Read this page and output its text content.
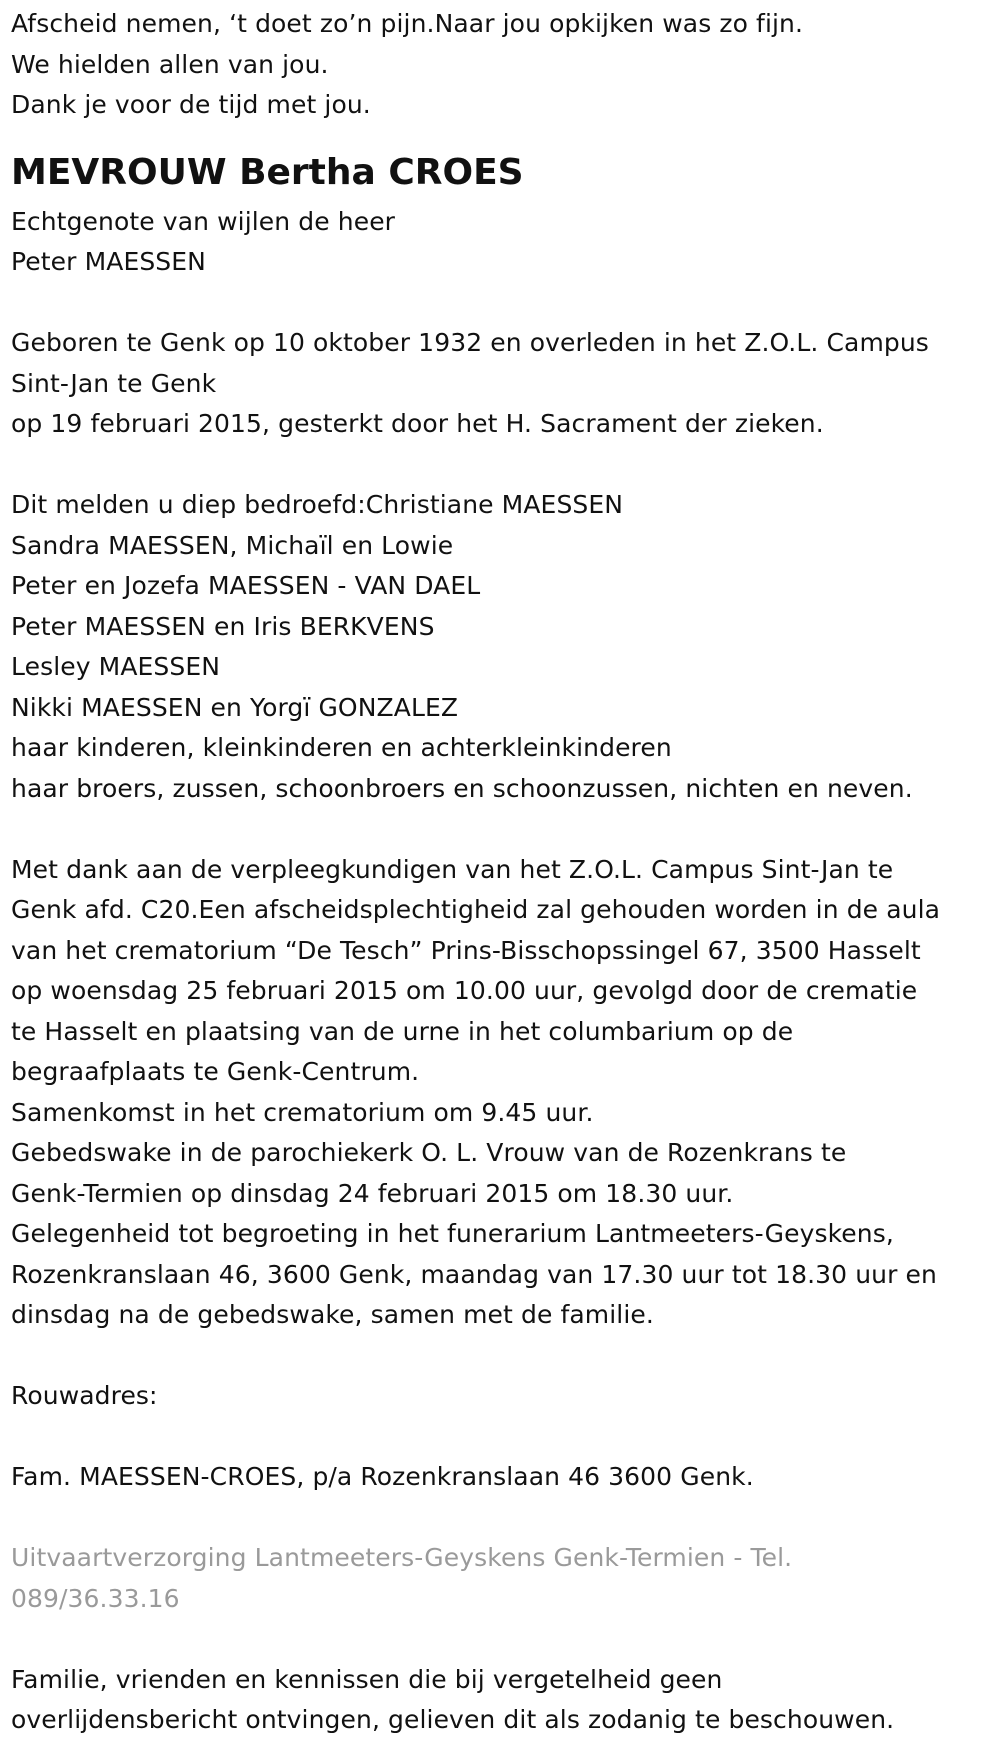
Afscheid nemen, ‘t doet zo’n pijn.Naar jou opkijken was zo fijn.
We hielden allen van jou.
Dank je voor de tijd met jou.
MEVROUW Bertha CROES
Echtgenote van wijlen de heer
Peter MAESSEN
Geboren te Genk op 10 oktober 1932 en overleden in het Z.O.L. Campus
Sint-Jan te Genk
op 19 februari 2015, gesterkt door het H. Sacrament der zieken.
Dit melden u diep bedroefd:Christiane MAESSEN
Sandra MAESSEN, Michaïl en Lowie
Peter en Jozefa MAESSEN - VAN DAEL
Peter MAESSEN en Iris BERKVENS
Lesley MAESSEN
Nikki MAESSEN en Yorgï GONZALEZ
haar kinderen, kleinkinderen en achterkleinkinderen
haar broers, zussen, schoonbroers en schoonzussen, nichten en neven.
Met dank aan de verpleegkundigen van het Z.O.L. Campus Sint-Jan te
Genk afd. C20.Een afscheidsplechtigheid zal gehouden worden in de aula
van het crematorium “De Tesch” Prins-Bisschopssingel 67, 3500 Hasselt
op woensdag 25 februari 2015 om 10.00 uur, gevolgd door de crematie
te Hasselt en plaatsing van de urne in het columbarium op de
begraafplaats te Genk-Centrum.
Samenkomst in het crematorium om 9.45 uur.
Gebedswake in de parochiekerk O. L. Vrouw van de Rozenkrans te
Genk-Termien op dinsdag 24 februari 2015 om 18.30 uur.
Gelegenheid tot begroeting in het funerarium Lantmeeters-Geyskens,
Rozenkranslaan 46, 3600 Genk, maandag van 17.30 uur tot 18.30 uur en
dinsdag na de gebedswake, samen met de familie.
Rouwadres:
Fam. MAESSEN-CROES, p/a Rozenkranslaan 46 3600 Genk.
Uitvaartverzorging Lantmeeters-Geyskens Genk-Termien - Tel.
089/36.33.16
Familie, vrienden en kennissen die bij vergetelheid geen
overlijdensbericht ontvingen, gelieven dit als zodanig te beschouwen.
